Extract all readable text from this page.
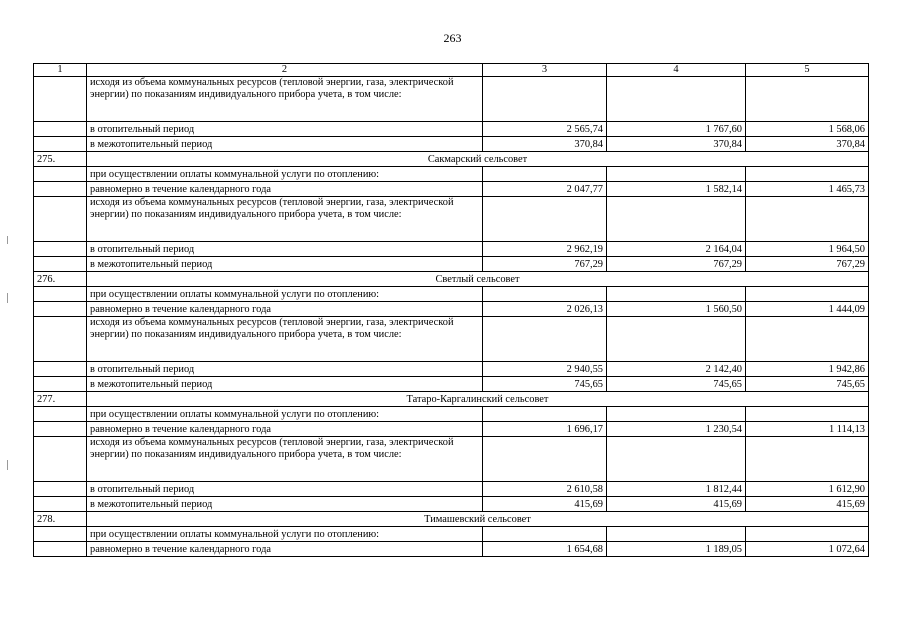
263
1	2	3	4	5
	исходя из объема коммунальных ресурсов (тепловой энергии, газа, электрической энергии) по показаниям индивидуального прибора учета, в том числе:			
	в отопительный период	2 565,74	1 767,60	1 568,06
	в межотопительный период	370,84	370,84	370,84
275.	Сакмарский сельсовет			
	при осуществлении оплаты коммунальной услуги по отоплению:			
	равномерно в течение календарного года	2 047,77	1 582,14	1 465,73
	исходя из объема коммунальных ресурсов (тепловой энергии, газа, электрической энергии) по показаниям индивидуального прибора учета, в том числе:			
	в отопительный период	2 962,19	2 164,04	1 964,50
	в межотопительный период	767,29	767,29	767,29
276.	Светлый сельсовет			
	при осуществлении оплаты коммунальной услуги по отоплению:			
	равномерно в течение календарного года	2 026,13	1 560,50	1 444,09
	исходя из объема коммунальных ресурсов (тепловой энергии, газа, электрической энергии) по показаниям индивидуального прибора учета, в том числе:			
	в отопительный период	2 940,55	2 142,40	1 942,86
	в межотопительный период	745,65	745,65	745,65
277.	Татаро-Каргалинский сельсовет			
	при осуществлении оплаты коммунальной услуги по отоплению:			
	равномерно в течение календарного года	1 696,17	1 230,54	1 114,13
	исходя из объема коммунальных ресурсов (тепловой энергии, газа, электрической энергии) по показаниям индивидуального прибора учета, в том числе:			
	в отопительный период	2 610,58	1 812,44	1 612,90
	в межотопительный период	415,69	415,69	415,69
278.	Тимашевский сельсовет			
	при осуществлении оплаты коммунальной услуги по отоплению:			
	равномерно в течение календарного года	1 654,68	1 189,05	1 072,64
